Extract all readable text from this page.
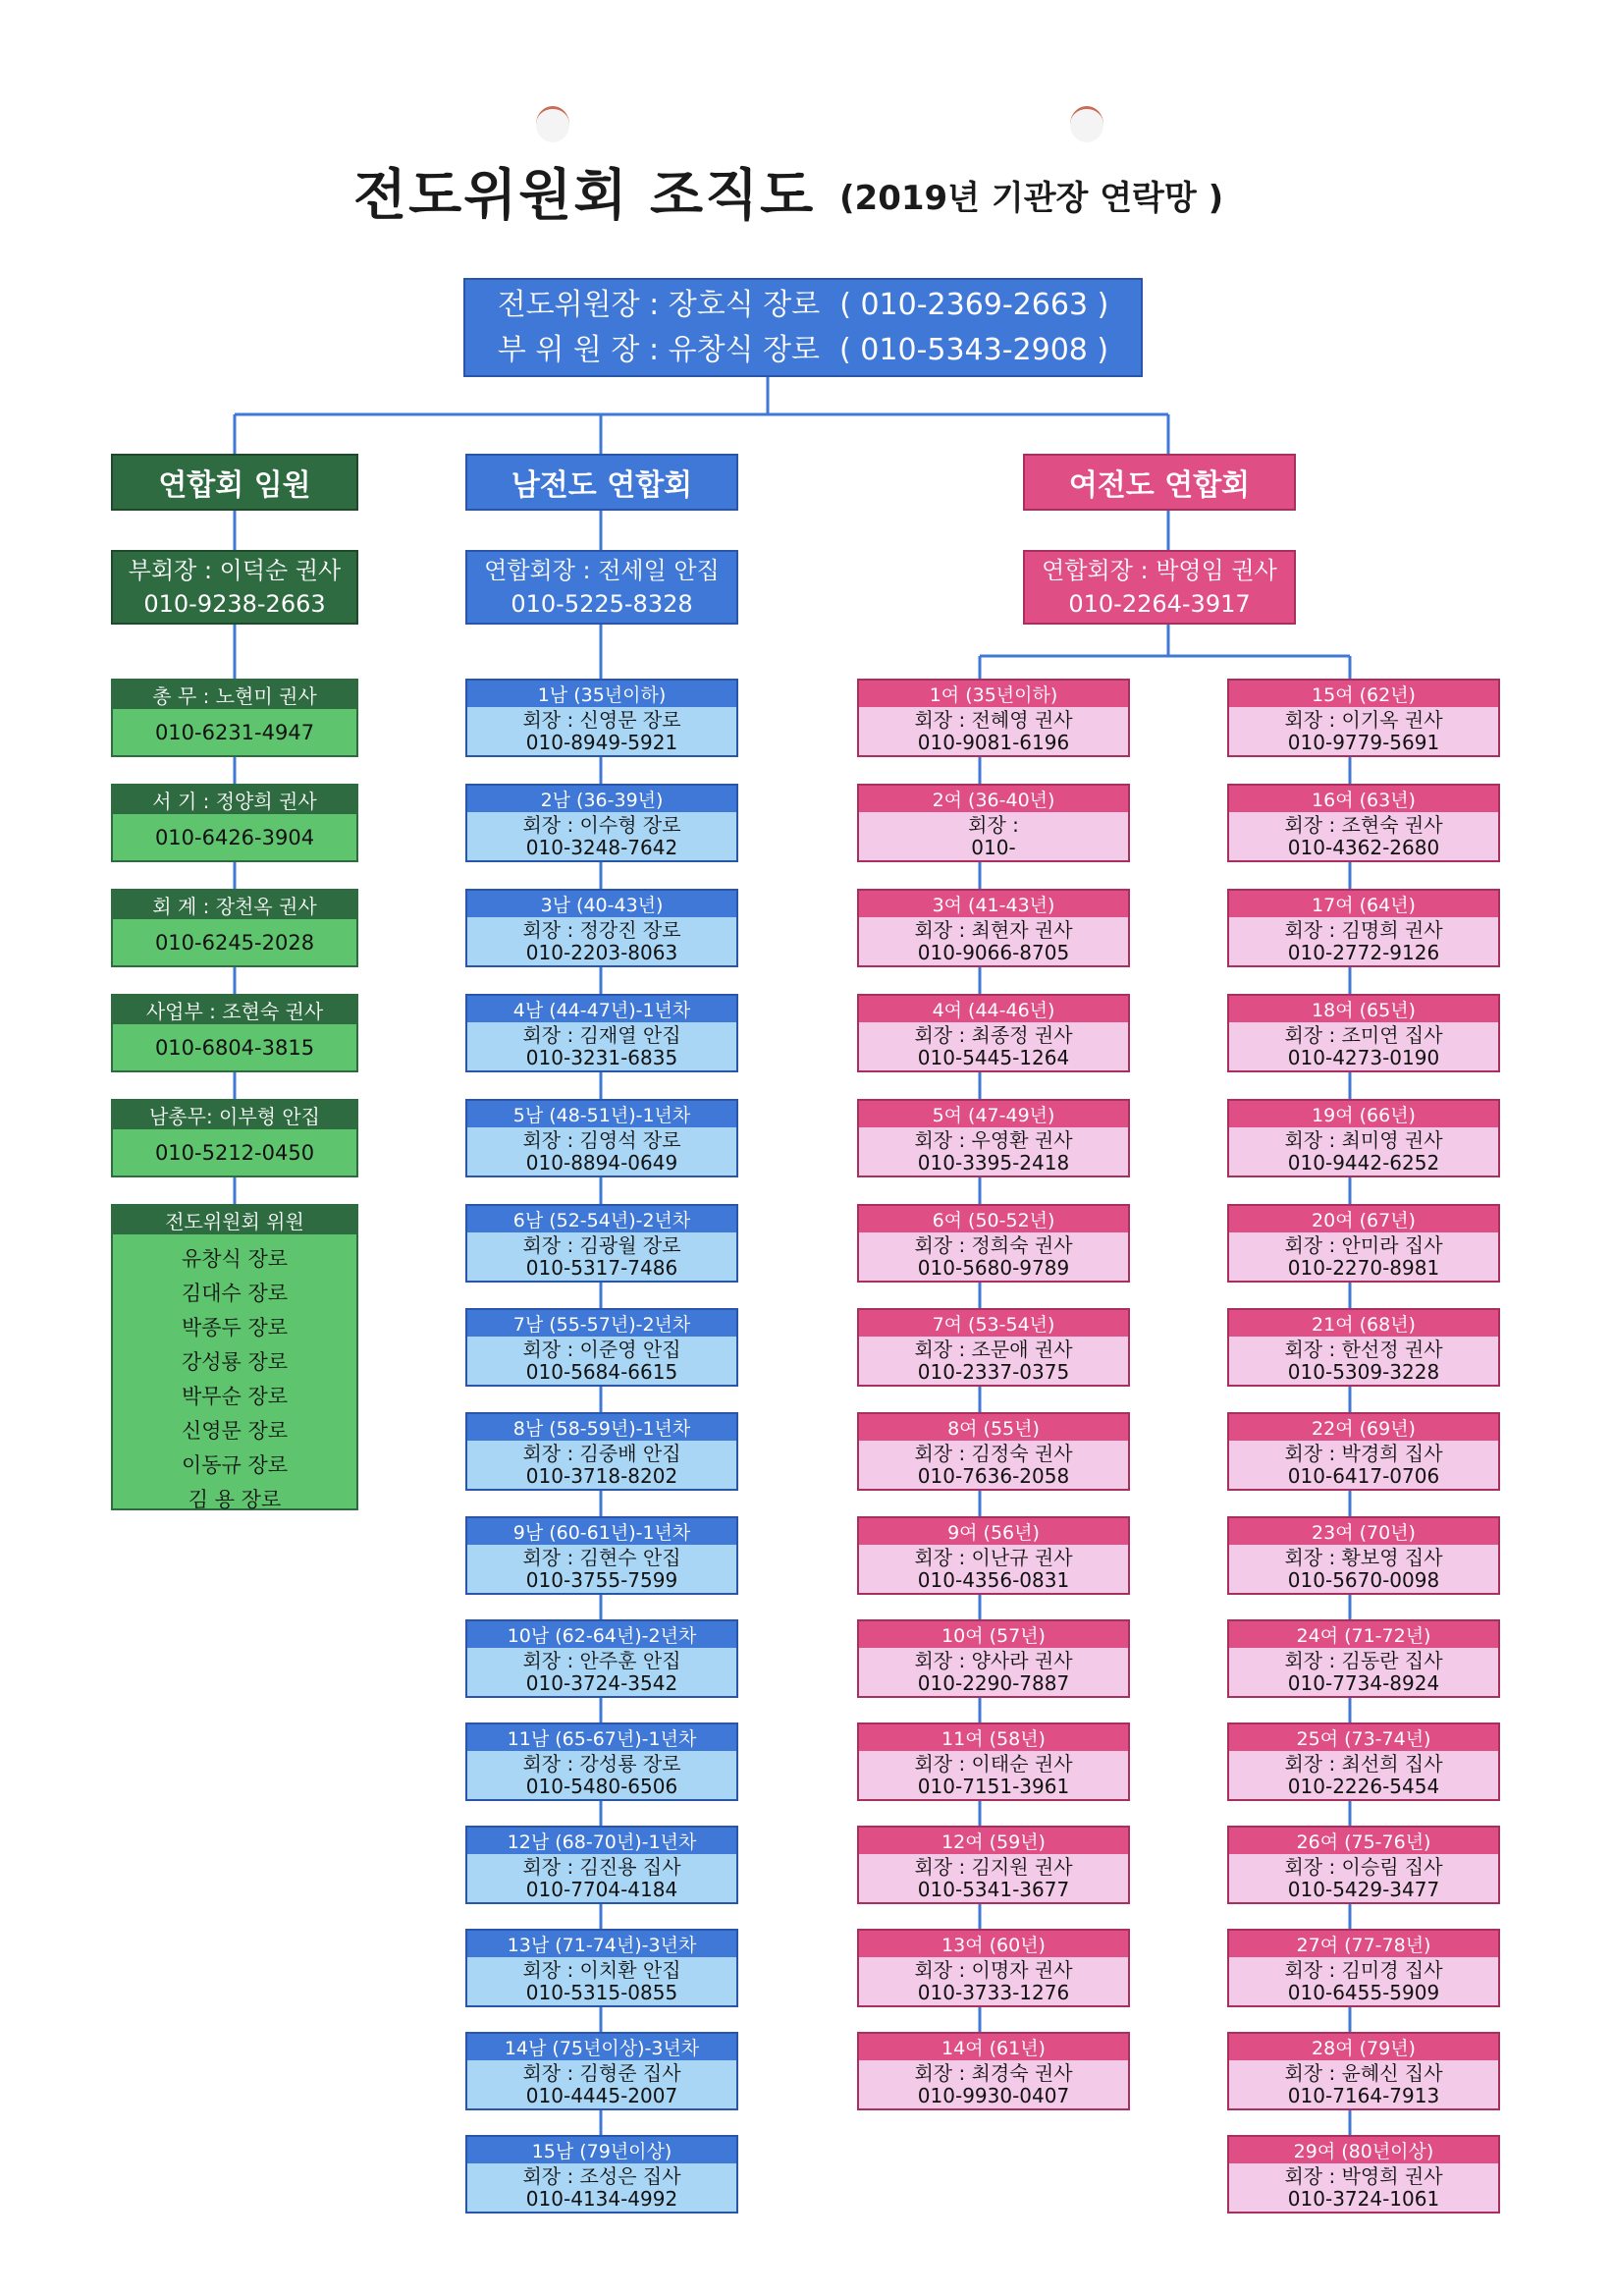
전도위원회 조직도 (2019년 기관장 연락망 )
전도위원장 : 장호식 장로 ( 010-2369-2663 )
부 위 원 장 : 유창식 장로 ( 010-5343-2908 )
연합회 임원	남전도 연합회	여전도 연합회
부회장 : 이덕순 권사
010-9238-2663
연합회장 : 전세일 안집
010-5225-8328
연합회장 : 박영임 권사
010-2264-3917
총 무 : 노현미 권사
010-6231-4947
서 기 : 정양희 권사
010-6426-3904
회 계 : 장천옥 권사
010-6245-2028
사업부 : 조현숙 권사
010-6804-3815
남총무: 이부형 안집
010-5212-0450
전도위원회 위원
유창식 장로
김대수 장로
박종두 장로
강성룡 장로
박무순 장로
신영문 장로
이동규 장로
김 용 장로
1남 (35년이하)
회장 : 신영문 장로
010-8949-5921
2남 (36-39년)
회장 : 이수형 장로
010-3248-7642
3남 (40-43년)
회장 : 정강진 장로
010-2203-8063
4남 (44-47년)-1년차
회장 : 김재열 안집
010-3231-6835
5남 (48-51년)-1년차
회장 : 김영석 장로
010-8894-0649
6남 (52-54년)-2년차
회장 : 김광월 장로
010-5317-7486
7남 (55-57년)-2년차
회장 : 이준영 안집
010-5684-6615
8남 (58-59년)-1년차
회장 : 김중배 안집
010-3718-8202
9남 (60-61년)-1년차
회장 : 김현수 안집
010-3755-7599
10남 (62-64년)-2년차
회장 : 안주훈 안집
010-3724-3542
11남 (65-67년)-1년차
회장 : 강성룡 장로
010-5480-6506
12남 (68-70년)-1년차
회장 : 김진용 집사
010-7704-4184
13남 (71-74년)-3년차
회장 : 이치환 안집
010-5315-0855
14남 (75년이상)-3년차
회장 : 김형준 집사
010-4445-2007
15남 (79년이상)
회장 : 조성은 집사
010-4134-4992
1여 (35년이하)
회장 : 전혜영 권사
010-9081-6196
2여 (36-40년)
회장 :
010-
3여 (41-43년)
회장 : 최현자 권사
010-9066-8705
4여 (44-46년)
회장 : 최종정 권사
010-5445-1264
5여 (47-49년)
회장 : 우영환 권사
010-3395-2418
6여 (50-52년)
회장 : 정희숙 권사
010-5680-9789
7여 (53-54년)
회장 : 조문애 권사
010-2337-0375
8여 (55년)
회장 : 김정숙 권사
010-7636-2058
9여 (56년)
회장 : 이난규 권사
010-4356-0831
10여 (57년)
회장 : 양사라 권사
010-2290-7887
11여 (58년)
회장 : 이태순 권사
010-7151-3961
12여 (59년)
회장 : 김지원 권사
010-5341-3677
13여 (60년)
회장 : 이명자 권사
010-3733-1276
14여 (61년)
회장 : 최경숙 권사
010-9930-0407
15여 (62년)
회장 : 이기옥 권사
010-9779-5691
16여 (63년)
회장 : 조현숙 권사
010-4362-2680
17여 (64년)
회장 : 김명희 권사
010-2772-9126
18여 (65년)
회장 : 조미연 집사
010-4273-0190
19여 (66년)
회장 : 최미영 권사
010-9442-6252
20여 (67년)
회장 : 안미라 집사
010-2270-8981
21여 (68년)
회장 : 한선정 권사
010-5309-3228
22여 (69년)
회장 : 박경희 집사
010-6417-0706
23여 (70년)
회장 : 황보영 집사
010-5670-0098
24여 (71-72년)
회장 : 김동란 집사
010-7734-8924
25여 (73-74년)
회장 : 최선희 집사
010-2226-5454
26여 (75-76년)
회장 : 이승림 집사
010-5429-3477
27여 (77-78년)
회장 : 김미경 집사
010-6455-5909
28여 (79년)
회장 : 윤혜신 집사
010-7164-7913
29여 (80년이상)
회장 : 박영희 권사
010-3724-1061
